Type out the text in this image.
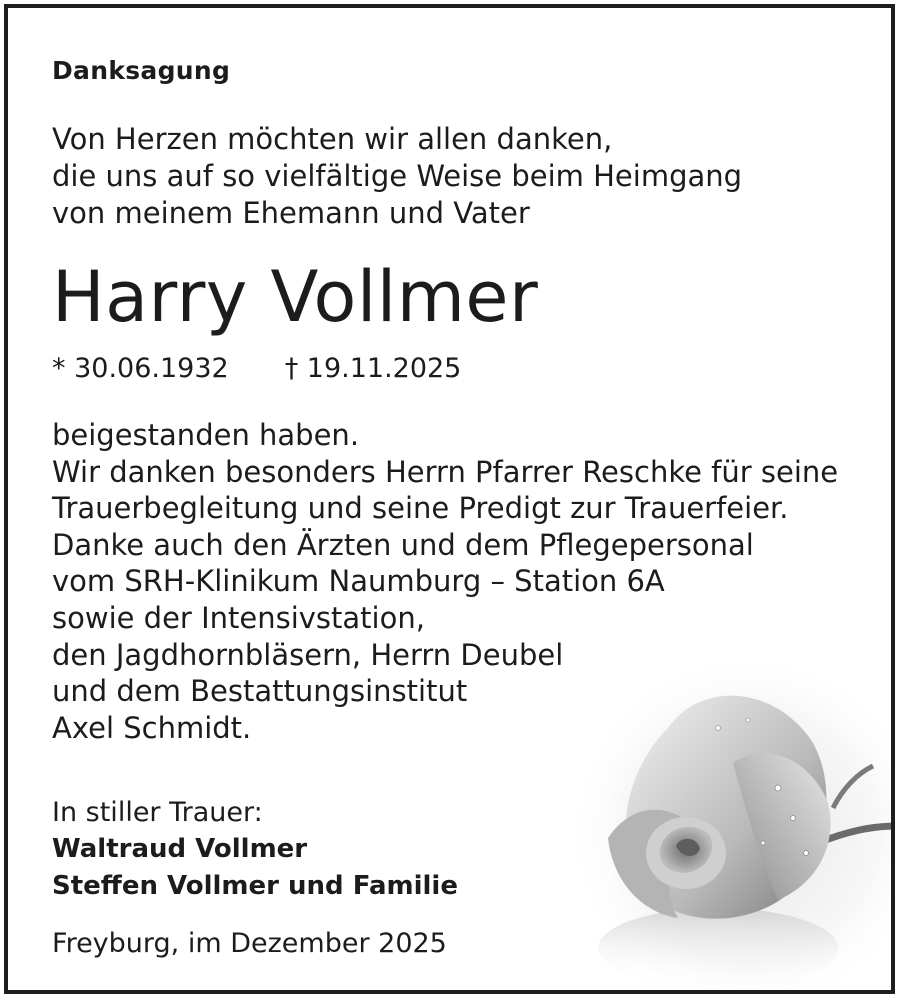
Danksagung
Von Herzen möchten wir allen danken,
die uns auf so vielfältige Weise beim Heimgang
von meinem Ehemann und Vater
Harry Vollmer
* 30.06.1932 † 19.11.2025
beigestanden haben.
Wir danken besonders Herrn Pfarrer Reschke für seine
Trauerbegleitung und seine Predigt zur Trauerfeier.
Danke auch den Ärzten und dem Pflegepersonal
vom SRH-Klinikum Naumburg – Station 6A
sowie der Intensivstation,
den Jagdhornbläsern, Herrn Deubel
und dem Bestattungsinstitut
Axel Schmidt.
In stiller Trauer:
Waltraud Vollmer
Steffen Vollmer und Familie
Freyburg, im Dezember 2025
